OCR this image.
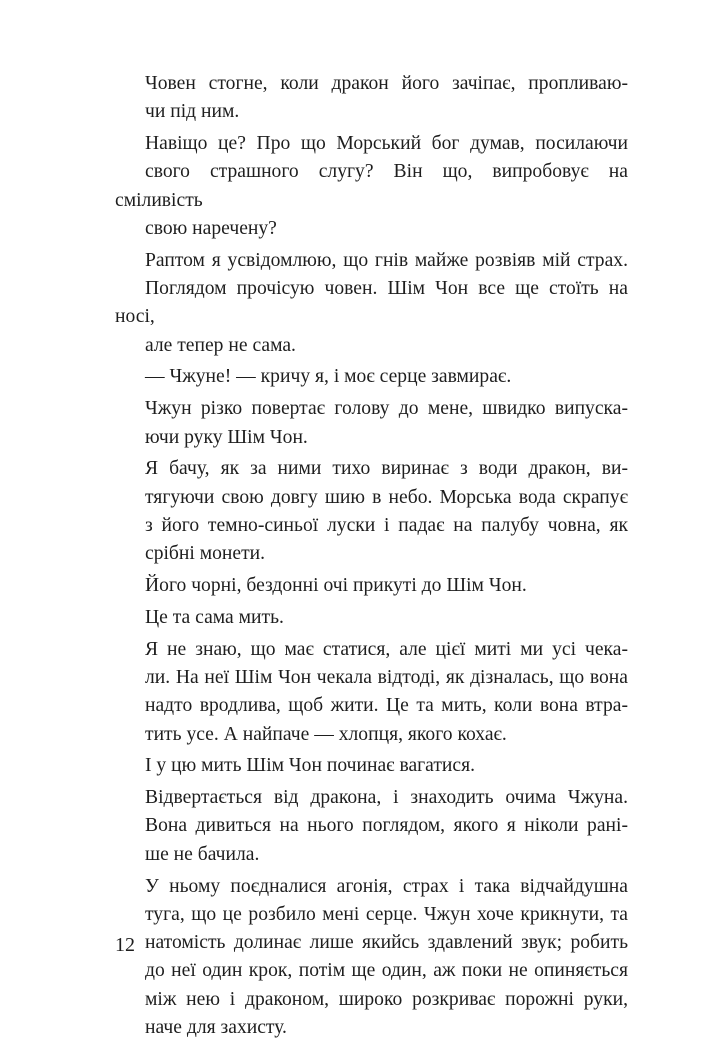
Човен стогне, коли дракон його зачіпає, пропливаю-
чи під ним.

Навіщо це? Про що Морський бог думав, посилаючи
свого страшного слугу? Він що, випробовує на сміливість
свою наречену?

Раптом я усвідомлюю, що гнів майже розвіяв мій страх.
Поглядом прочісую човен. Шім Чон все ще стоїть на носі,
але тепер не сама.

— Чжуне! — кричу я, і моє серце завмирає.

Чжун різко повертає голову до мене, швидко випуска-
ючи руку Шім Чон.

Я бачу, як за ними тихо виринає з води дракон, ви-
тягуючи свою довгу шию в небо. Морська вода скрапує
з його темно-синьої луски і падає на палубу човна, як
срібні монети.

Його чорні, бездонні очі прикуті до Шім Чон.

Це та сама мить.

Я не знаю, що має статися, але цієї миті ми усі чека-
ли. На неї Шім Чон чекала відтоді, як дізналась, що вона
надто вродлива, щоб жити. Це та мить, коли вона втра-
тить усе. А найпаче — хлопця, якого кохає.

І у цю мить Шім Чон починає вагатися.

Відвертається від дракона, і знаходить очима Чжуна.
Вона дивиться на нього поглядом, якого я ніколи рані-
ше не бачила.

У ньому поєдналися агонія, страх і така відчайдушна
туга, що це розбило мені серце. Чжун хоче крикнути, та
натомість долинає лише якийсь здавлений звук; робить
до неї один крок, потім ще один, аж поки не опиняється
між нею і драконом, широко розкриває порожні руки,
наче для захисту.

12
